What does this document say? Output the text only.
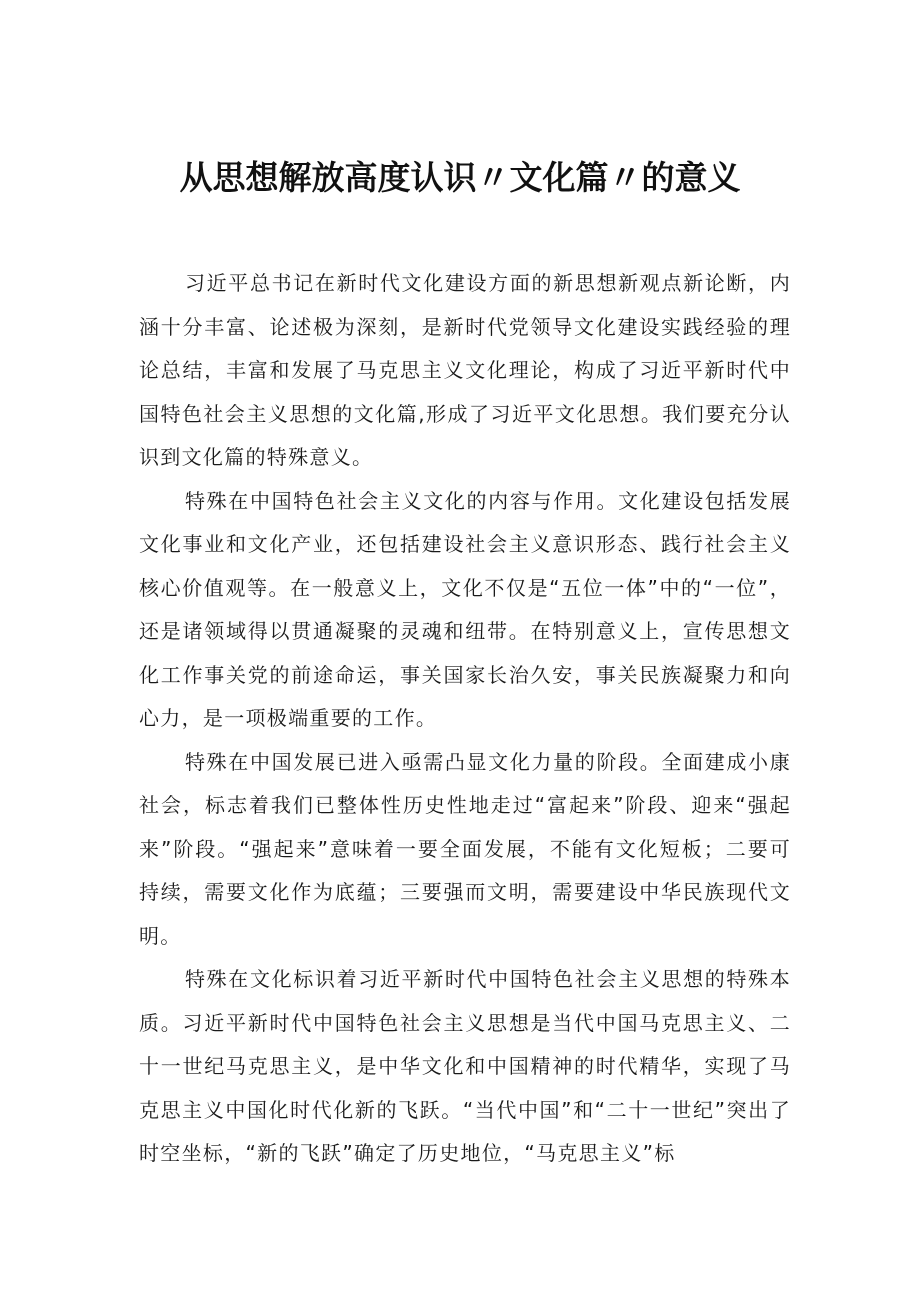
从思想解放高度认识〃文化篇〃的意义

习近平总书记在新时代文化建设方面的新思想新观点新论断，内涵十分丰富、论述极为深刻，是新时代党领导文化建设实践经验的理论总结，丰富和发展了马克思主义文化理论，构成了习近平新时代中国特色社会主义思想的文化篇,形成了习近平文化思想。我们要充分认识到文化篇的特殊意义。

特殊在中国特色社会主义文化的内容与作用。文化建设包括发展文化事业和文化产业，还包括建设社会主义意识形态、践行社会主义核心价值观等。在一般意义上，文化不仅是“五位一体”中的“一位”，还是诸领域得以贯通凝聚的灵魂和纽带。在特别意义上，宣传思想文化工作事关党的前途命运，事关国家长治久安，事关民族凝聚力和向心力，是一项极端重要的工作。

特殊在中国发展已进入亟需凸显文化力量的阶段。全面建成小康社会，标志着我们已整体性历史性地走过“富起来”阶段、迎来“强起来”阶段。“强起来”意味着一要全面发展，不能有文化短板；二要可持续，需要文化作为底蕴；三要强而文明，需要建设中华民族现代文明。

特殊在文化标识着习近平新时代中国特色社会主义思想的特殊本质。习近平新时代中国特色社会主义思想是当代中国马克思主义、二十一世纪马克思主义，是中华文化和中国精神的时代精华，实现了马克思主义中国化时代化新的飞跃。“当代中国”和“二十一世纪”突出了时空坐标，“新的飞跃”确定了历史地位，“马克思主义”标
